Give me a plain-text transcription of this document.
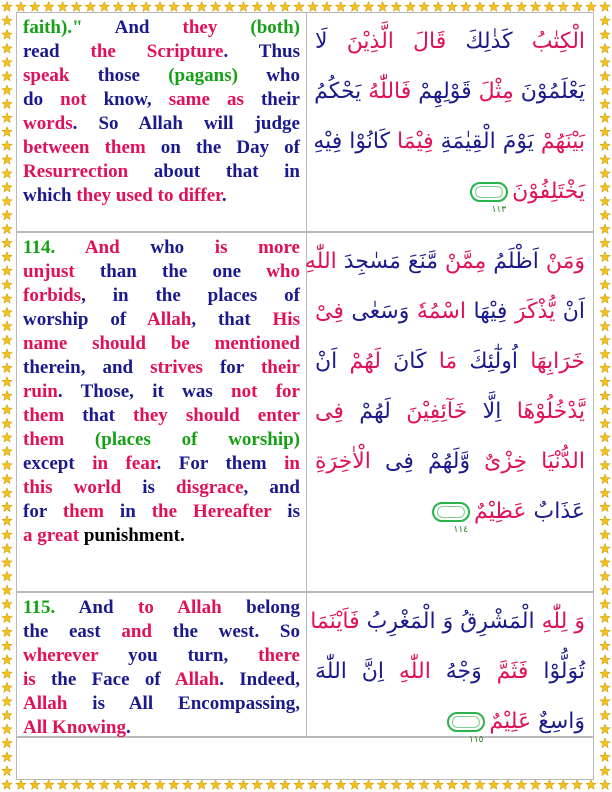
faith)." And they (both)
read the Scripture. Thus
speak those (pagans) who
do not know, same as their
words. So Allah will judge
between them on the Day of
Resurrection about that in
which they used to differ.
الْكِتٰبُ كَذٰلِكَ قَالَ الَّذِيْنَ لَا
يَعْلَمُوْنَ مِثْلَ قَوْلِهِمْ فَاللّٰهُ يَحْكُمُ
بَيْنَهُمْ يَوْمَ الْقِيٰمَةِ فِيْمَا كَانُوْا فِيْهِ
يَخْتَلِفُوْنَ
١١٣
114. And who is more
unjust than the one who
forbids, in the places of
worship of Allah, that His
name should be mentioned
therein, and strives for their
ruin. Those, it was not for
them that they should enter
them (places of worship)
except in fear. For them in
this world is disgrace, and
for them in the Hereafter is
a great punishment.
وَمَنْ اَظْلَمُ مِمَّنْ مَّنَعَ مَسٰجِدَ اللّٰهِ
اَنْ يُّذْكَرَ فِيْهَا اسْمُهٗ وَسَعٰى فِىْ
خَرَابِهَا اُولٰٓئِكَ مَا كَانَ لَهُمْ اَنْ
يَّدْخُلُوْهَا اِلَّا خَآئِفِيْنَ لَهُمْ فِى
الدُّنْيَا خِزْىٌ وَّلَهُمْ فِى الْاٰخِرَةِ
عَذَابٌ عَظِيْمٌ
١١٤
115. And to Allah belong
the east and the west. So
wherever you turn, there
is the Face of Allah. Indeed,
Allah is All Encompassing,
All Knowing.
وَ لِلّٰهِ الْمَشْرِقُ وَ الْمَغْرِبُ فَاَيْنَمَا
تُوَلُّوْا فَثَمَّ وَجْهُ اللّٰهِ اِنَّ اللّٰهَ
وَاسِعٌ عَلِيْمٌ
١١٥
